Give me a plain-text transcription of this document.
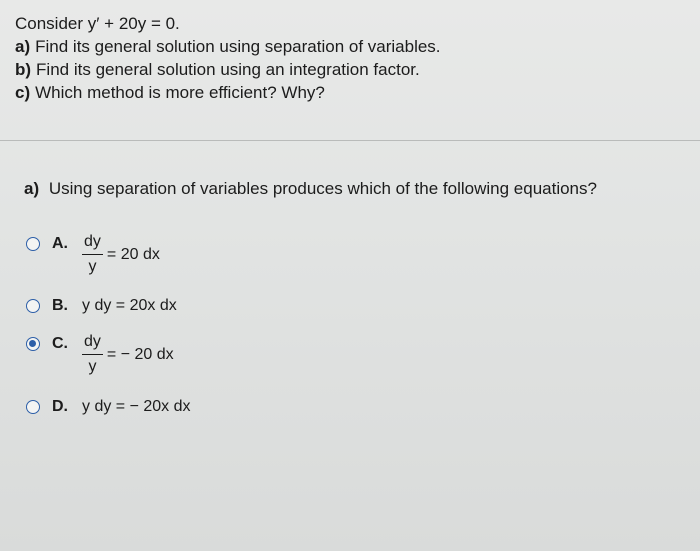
Consider y′ + 20y = 0.
a) Find its general solution using separation of variables.
b) Find its general solution using an integration factor.
c) Which method is more efficient? Why?
a) Using separation of variables produces which of the following equations?
A. $\frac{dy}{y} = 20$ dx
B. y dy = 20x dx
C. $\frac{dy}{y}$ = − 20 dx
D. y dy = − 20x dx
